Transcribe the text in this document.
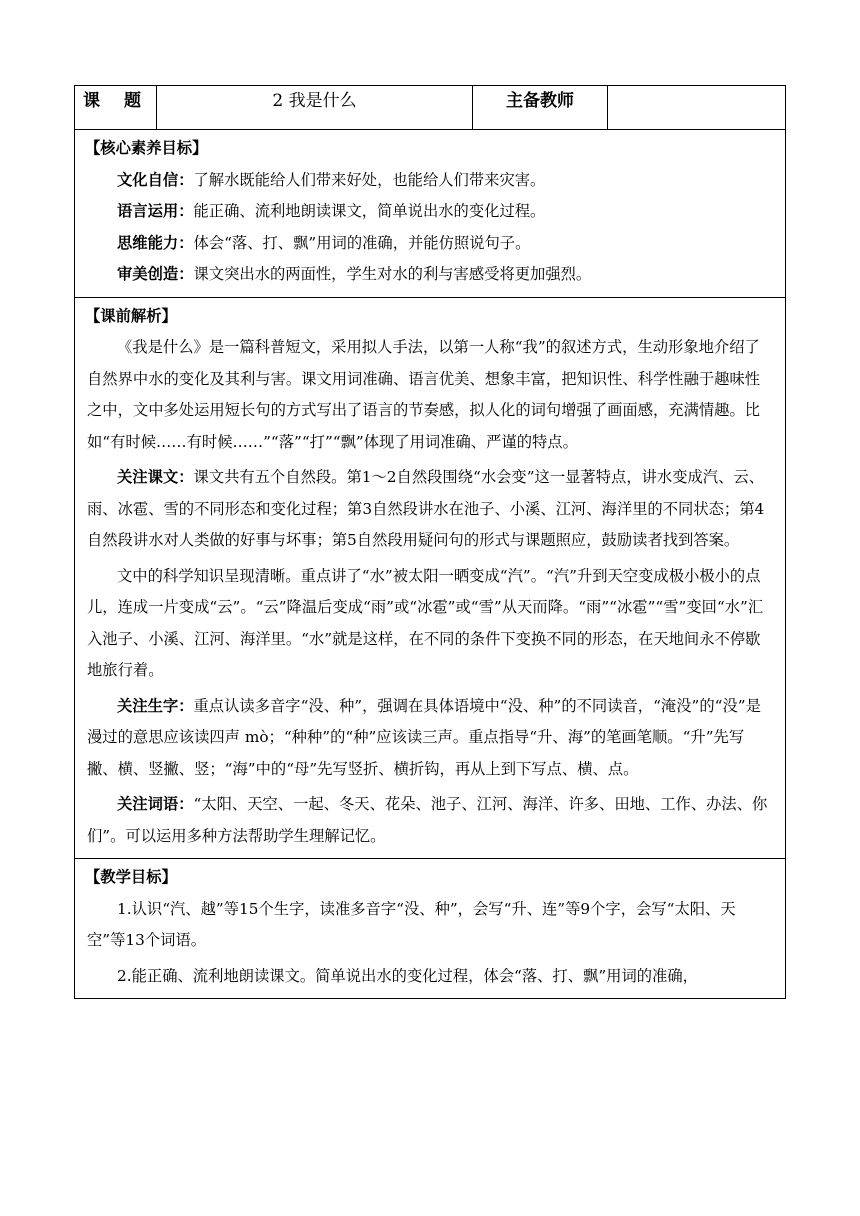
课 题	2 我是什么	主备教师	

【核心素养目标】

文化自信：了解水既能给人们带来好处，也能给人们带来灾害。

语言运用：能正确、流利地朗读课文，简单说出水的变化过程。

思维能力：体会“落、打、飘”用词的准确，并能仿照说句子。

审美创造：课文突出水的两面性，学生对水的利与害感受将更加强烈。

【课前解析】

《我是什么》是一篇科普短文，采用拟人手法，以第一人称“我”的叙述方式，生动形象地介绍了自然界中水的变化及其利与害。课文用词准确、语言优美、想象丰富，把知识性、科学性融于趣味性之中，文中多处运用短长句的方式写出了语言的节奏感，拟人化的词句增强了画面感，充满情趣。比如“有时候……有时候……”“落”“打”“飘”体现了用词准确、严谨的特点。

关注课文：课文共有五个自然段。第1～2自然段围绕“水会变”这一显著特点，讲水变成汽、云、雨、冰雹、雪的不同形态和变化过程；第3自然段讲水在池子、小溪、江河、海洋里的不同状态；第4自然段讲水对人类做的好事与坏事；第5自然段用疑问句的形式与课题照应，鼓励读者找到答案。

文中的科学知识呈现清晰。重点讲了“水”被太阳一晒变成“汽”。“汽”升到天空变成极小极小的点儿，连成一片变成“云”。“云”降温后变成“雨”或“冰雹”或“雪”从天而降。“雨”“冰雹”“雪”变回“水”汇入池子、小溪、江河、海洋里。“水”就是这样，在不同的条件下变换不同的形态，在天地间永不停歇地旅行着。

关注生字：重点认读多音字“没、种”，强调在具体语境中“没、种”的不同读音，“淹没”的“没”是漫过的意思应该读四声 mò；“种种”的“种”应该读三声。重点指导“升、海”的笔画笔顺。“升”先写撇、横、竖撇、竖；“海”中的“母”先写竖折、横折钩，再从上到下写点、横、点。

关注词语：“太阳、天空、一起、冬天、花朵、池子、江河、海洋、许多、田地、工作、办法、你们”。可以运用多种方法帮助学生理解记忆。

【教学目标】

1.认识“汽、越”等15个生字，读准多音字“没、种”，会写“升、连”等9个字，会写“太阳、天空”等13个词语。

2.能正确、流利地朗读课文。简单说出水的变化过程，体会“落、打、飘”用词的准确，
